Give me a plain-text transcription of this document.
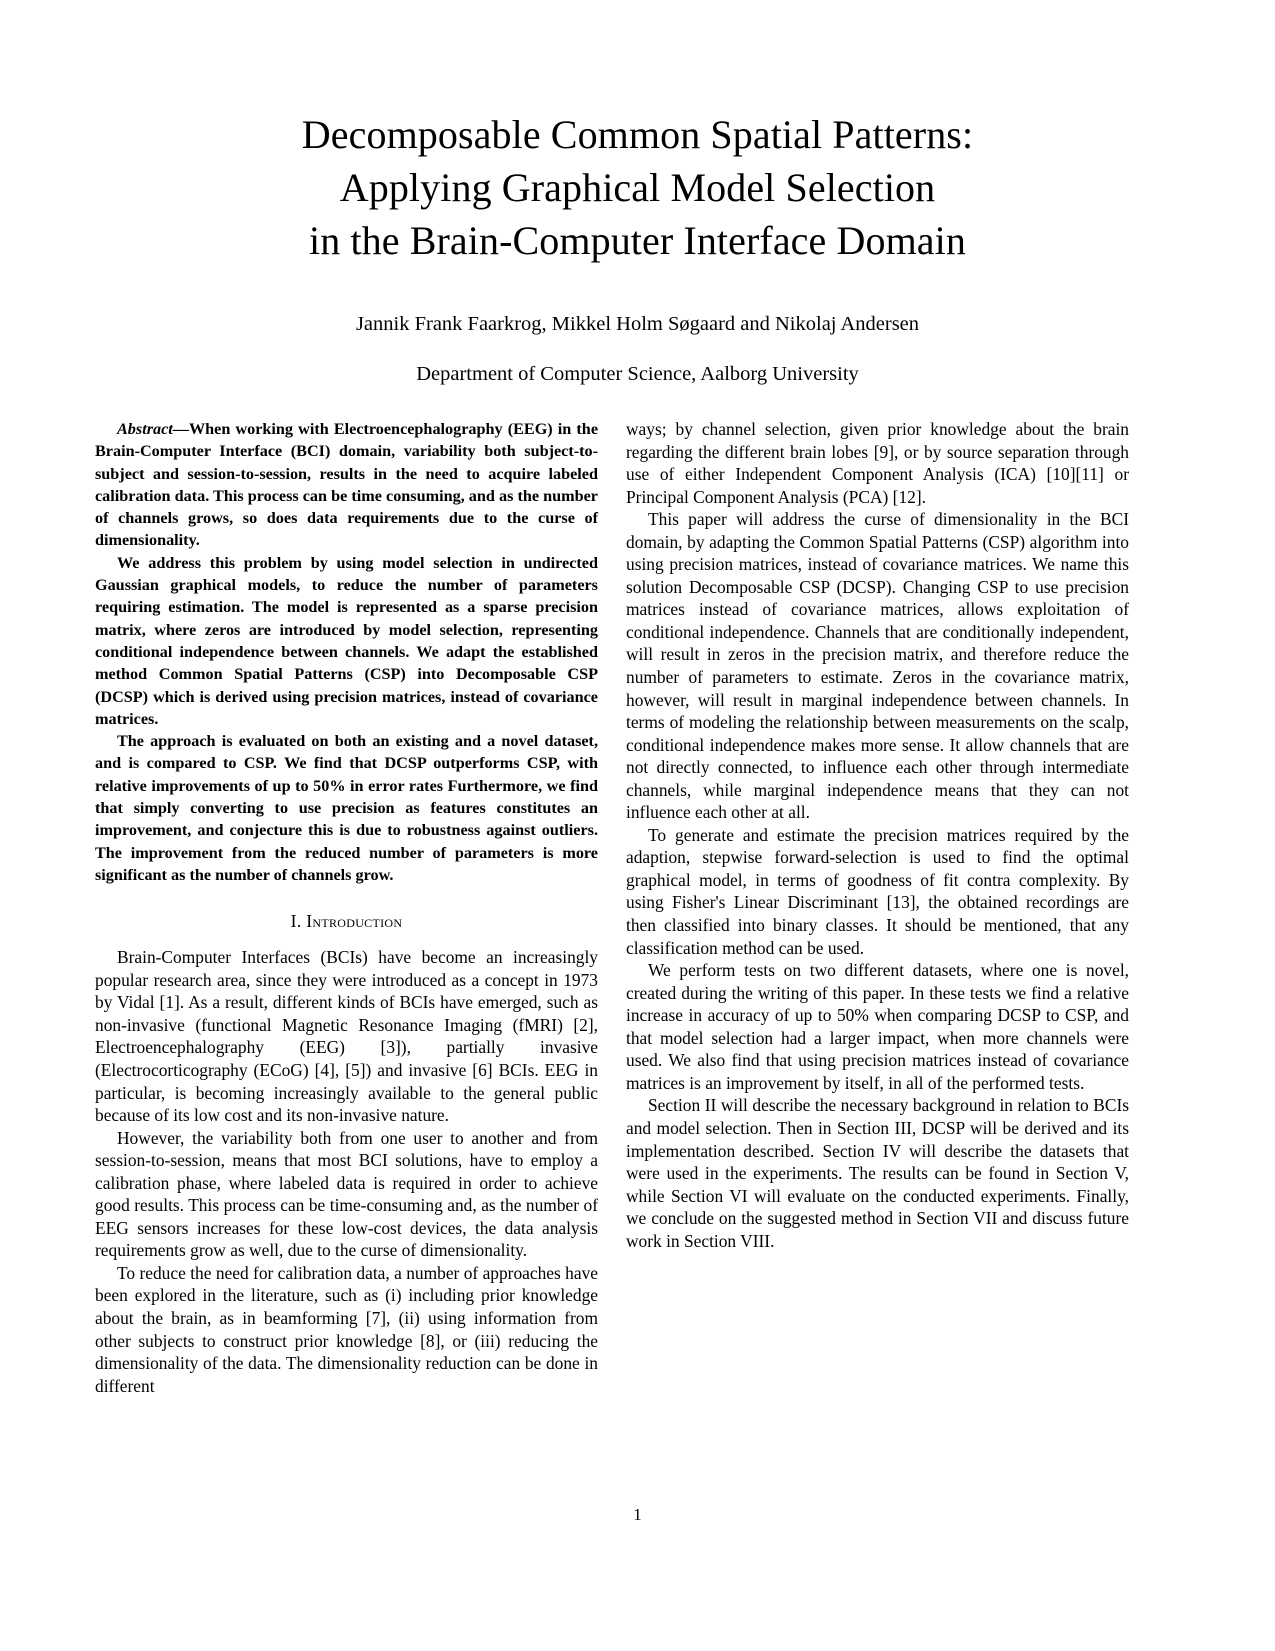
Decomposable Common Spatial Patterns:
Applying Graphical Model Selection
in the Brain-Computer Interface Domain
Jannik Frank Faarkrog, Mikkel Holm Søgaard and Nikolaj Andersen
Department of Computer Science, Aalborg University

Abstract—When working with Electroencephalography (EEG) in the Brain-Computer Interface (BCI) domain, variability both subject-to-subject and session-to-session, results in the need to acquire labeled calibration data. This process can be time consuming, and as the number of channels grows, so does data requirements due to the curse of dimensionality.

We address this problem by using model selection in undirected Gaussian graphical models, to reduce the number of parameters requiring estimation. The model is represented as a sparse precision matrix, where zeros are introduced by model selection, representing conditional independence between channels. We adapt the established method Common Spatial Patterns (CSP) into Decomposable CSP (DCSP) which is derived using precision matrices, instead of covariance matrices.

The approach is evaluated on both an existing and a novel dataset, and is compared to CSP. We find that DCSP outperforms CSP, with relative improvements of up to 50% in error rates Furthermore, we find that simply converting to use precision as features constitutes an improvement, and conjecture this is due to robustness against outliers. The improvement from the reduced number of parameters is more significant as the number of channels grow.

I. Introduction

Brain-Computer Interfaces (BCIs) have become an increasingly popular research area, since they were introduced as a concept in 1973 by Vidal [1]. As a result, different kinds of BCIs have emerged, such as non-invasive (functional Magnetic Resonance Imaging (fMRI) [2], Electroencephalography (EEG) [3]), partially invasive (Electrocorticography (ECoG) [4], [5]) and invasive [6] BCIs. EEG in particular, is becoming increasingly available to the general public because of its low cost and its non-invasive nature.

However, the variability both from one user to another and from session-to-session, means that most BCI solutions, have to employ a calibration phase, where labeled data is required in order to achieve good results. This process can be time-consuming and, as the number of EEG sensors increases for these low-cost devices, the data analysis requirements grow as well, due to the curse of dimensionality.

To reduce the need for calibration data, a number of approaches have been explored in the literature, such as (i) including prior knowledge about the brain, as in beamforming [7], (ii) using information from other subjects to construct prior knowledge [8], or (iii) reducing the dimensionality of the data. The dimensionality reduction can be done in different

ways; by channel selection, given prior knowledge about the brain regarding the different brain lobes [9], or by source separation through use of either Independent Component Analysis (ICA) [10][11] or Principal Component Analysis (PCA) [12].

This paper will address the curse of dimensionality in the BCI domain, by adapting the Common Spatial Patterns (CSP) algorithm into using precision matrices, instead of covariance matrices. We name this solution Decomposable CSP (DCSP). Changing CSP to use precision matrices instead of covariance matrices, allows exploitation of conditional independence. Channels that are conditionally independent, will result in zeros in the precision matrix, and therefore reduce the number of parameters to estimate. Zeros in the covariance matrix, however, will result in marginal independence between channels. In terms of modeling the relationship between measurements on the scalp, conditional independence makes more sense. It allow channels that are not directly connected, to influence each other through intermediate channels, while marginal independence means that they can not influence each other at all.

To generate and estimate the precision matrices required by the adaption, stepwise forward-selection is used to find the optimal graphical model, in terms of goodness of fit contra complexity. By using Fisher's Linear Discriminant [13], the obtained recordings are then classified into binary classes. It should be mentioned, that any classification method can be used.

We perform tests on two different datasets, where one is novel, created during the writing of this paper. In these tests we find a relative increase in accuracy of up to 50% when comparing DCSP to CSP, and that model selection had a larger impact, when more channels were used. We also find that using precision matrices instead of covariance matrices is an improvement by itself, in all of the performed tests.

Section II will describe the necessary background in relation to BCIs and model selection. Then in Section III, DCSP will be derived and its implementation described. Section IV will describe the datasets that were used in the experiments. The results can be found in Section V, while Section VI will evaluate on the conducted experiments. Finally, we conclude on the suggested method in Section VII and discuss future work in Section VIII.

1
